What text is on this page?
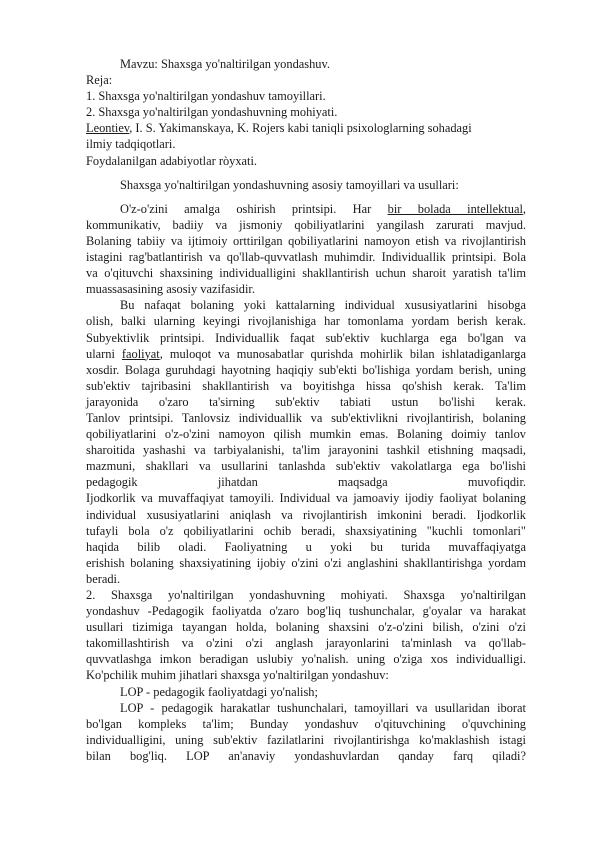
Mavzu: Shaxsga yo'naltirilgan yondashuv.
Reja:
1. Shaxsga yo'naltirilgan yondashuv tamoyillari.
2. Shaxsga yo'naltirilgan yondashuvning mohiyati.
Leontiev, I. S. Yakimanskaya, K. Rojers kabi taniqli psixologlarning sohadagi
ilmiy tadqiqotlari.
Foydalanilgan adabiyotlar ròyxati.
Shaxsga yo'naltirilgan yondashuvning asosiy tamoyillari va usullari:
O'z-o'zini amalga oshirish printsipi. Har bir bolada intellektual,
kommunikativ, badiiy va jismoniy qobiliyatlarini yangilash zarurati mavjud.
Bolaning tabiiy va ijtimoiy orttirilgan qobiliyatlarini namoyon etish va rivojlantirish
istagini rag'batlantirish va qo'llab-quvvatlash muhimdir. Individuallik printsipi. Bola
va o'qituvchi shaxsining individualligini shakllantirish uchun sharoit yaratish ta'lim
muassasasining asosiy vazifasidir.
Bu nafaqat bolaning yoki kattalarning individual xususiyatlarini hisobga
olish, balki ularning keyingi rivojlanishiga har tomonlama yordam berish kerak.
Subyektivlik printsipi. Individuallik faqat sub'ektiv kuchlarga ega bo'lgan va
ularni faoliyat, muloqot va munosabatlar qurishda mohirlik bilan ishlatadiganlarga
xosdir. Bolaga guruhdagi hayotning haqiqiy sub'ekti bo'lishiga yordam berish, uning
sub'ektiv tajribasini shakllantirish va boyitishga hissa qo'shish kerak. Ta'lim
jarayonida o'zaro ta'sirning sub'ektiv tabiati ustun bo'lishi kerak.
Tanlov printsipi. Tanlovsiz individuallik va sub'ektivlikni rivojlantirish, bolaning
qobiliyatlarini o'z-o'zini namoyon qilish mumkin emas. Bolaning doimiy tanlov
sharoitida yashashi va tarbiyalanishi, ta'lim jarayonini tashkil etishning maqsadi,
mazmuni, shakllari va usullarini tanlashda sub'ektiv vakolatlarga ega bo'lishi
pedagogik jihatdan maqsadga muvofiqdir.
Ijodkorlik va muvaffaqiyat tamoyili. Individual va jamoaviy ijodiy faoliyat bolaning
individual xususiyatlarini aniqlash va rivojlantirish imkonini beradi. Ijodkorlik
tufayli bola o'z qobiliyatlarini ochib beradi, shaxsiyatining "kuchli tomonlari"
haqida bilib oladi. Faoliyatning u yoki bu turida muvaffaqiyatga
erishish bolaning shaxsiyatining ijobiy o'zini o'zi anglashini shakllantirishga yordam
beradi.
2. Shaxsga yo'naltirilgan yondashuvning mohiyati. Shaxsga yo'naltirilgan
yondashuv -Pedagogik faoliyatda o'zaro bog'liq tushunchalar, g'oyalar va harakat
usullari tizimiga tayangan holda, bolaning shaxsini o'z-o'zini bilish, o'zini o'zi
takomillashtirish va o'zini o'zi anglash jarayonlarini ta'minlash va qo'llab-
quvvatlashga imkon beradigan uslubiy yo'nalish. uning o'ziga xos individualligi.
Ko'pchilik muhim jihatlari shaxsga yo'naltirilgan yondashuv:
LOP - pedagogik faoliyatdagi yo'nalish;
LOP - pedagogik harakatlar tushunchalari, tamoyillari va usullaridan iborat
bo'lgan kompleks ta'lim; Bunday yondashuv o'qituvchining o'quvchining
individualligini, uning sub'ektiv fazilatlarini rivojlantirishga ko'maklashish istagi
bilan bog'liq. LOP an'anaviy yondashuvlardan qanday farq qiladi?
